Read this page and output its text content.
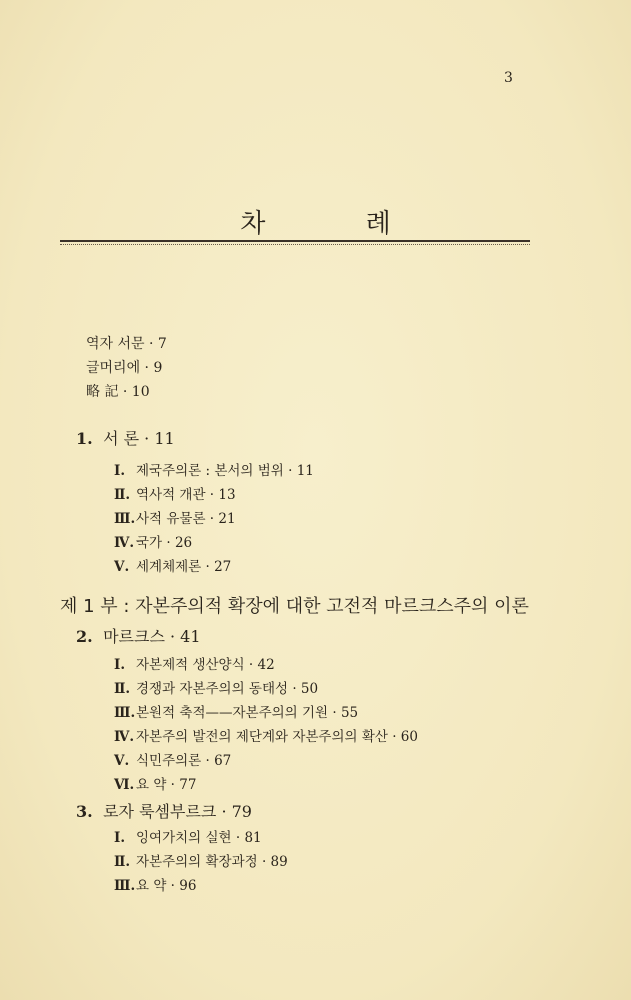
3
차 례
역자 서문 · 7
글머리에 · 9
略 記 · 10
1. 서 론 · 11
Ⅰ. 제국주의론 : 본서의 범위 · 11
Ⅱ. 역사적 개관 · 13
Ⅲ.사적 유물론 · 21
Ⅳ. 국가 · 26
Ⅴ. 세계체제론 · 27
제 1 부 : 자본주의적 확장에 대한 고전적 마르크스주의 이론
2. 마르크스 · 41
Ⅰ. 자본제적 생산양식 · 42
Ⅱ. 경쟁과 자본주의의 동태성 · 50
Ⅲ.본원적 축적——자본주의의 기원 · 55
Ⅳ. 자본주의 발전의 제단계와 자본주의의 확산 · 60
Ⅴ. 식민주의론 · 67
Ⅵ. 요 약 · 77
3. 로자 룩셈부르크 · 79
Ⅰ. 잉여가치의 실현 · 81
Ⅱ. 자본주의의 확장과정 · 89
Ⅲ.요 약 · 96
